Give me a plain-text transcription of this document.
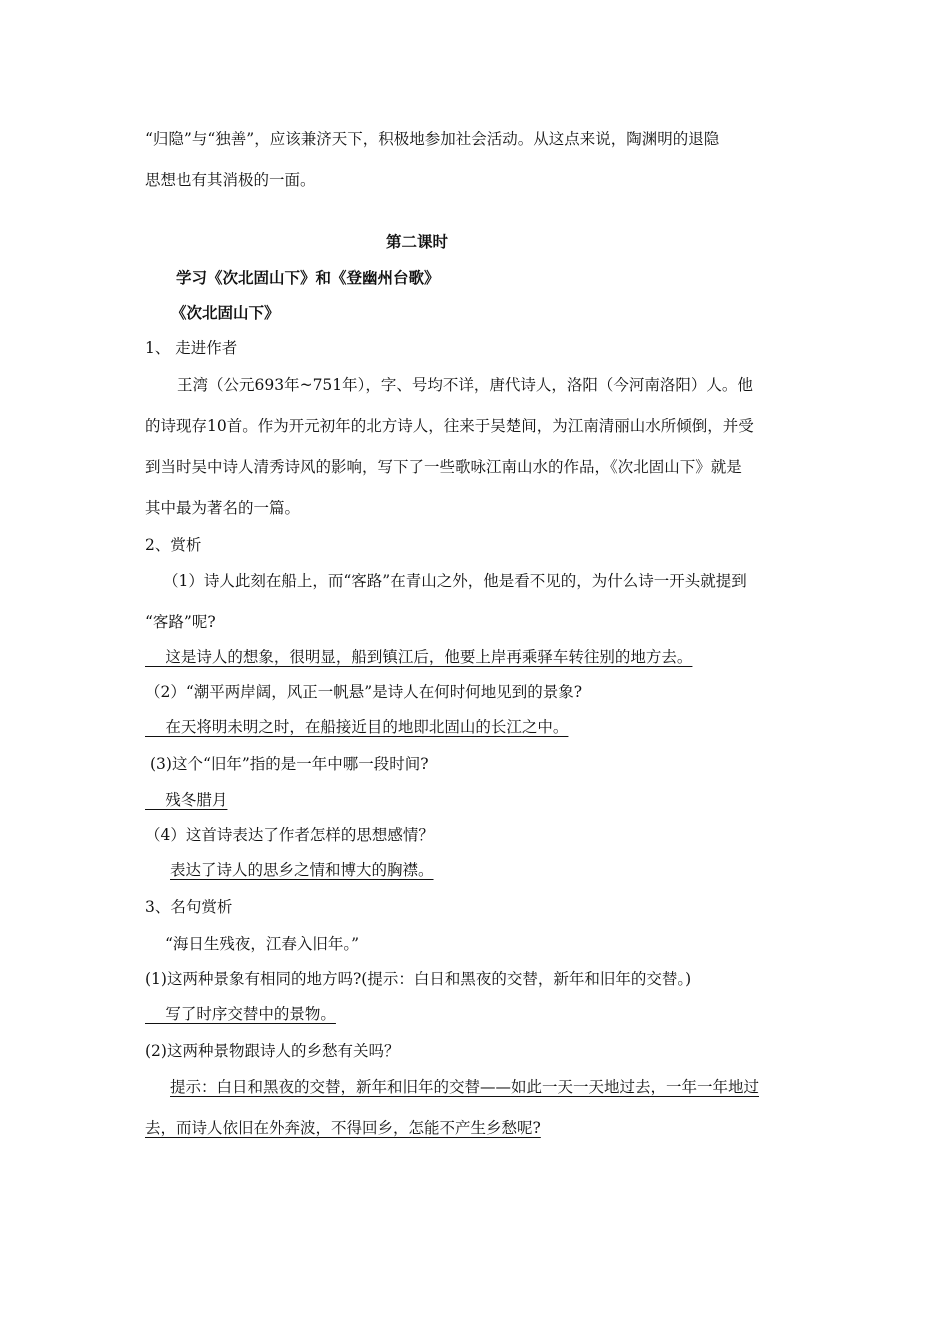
“归隐”与“独善”，应该兼济天下，积极地参加社会活动。从这点来说，陶渊明的退隐
思想也有其消极的一面。
第二课时
学习《次北固山下》和《登幽州台歌》
《次北固山下》
1、 走进作者
王湾（公元693年~751年），字、号均不详，唐代诗人，洛阳（今河南洛阳）人。他
的诗现存10首。作为开元初年的北方诗人，往来于吴楚间，为江南清丽山水所倾倒，并受
到当时吴中诗人清秀诗风的影响，写下了一些歌咏江南山水的作品，《次北固山下》就是
其中最为著名的一篇。
2、赏析
（1）诗人此刻在船上，而“客路”在青山之外，他是看不见的，为什么诗一开头就提到
“客路”呢?
　 这是诗人的想象，很明显，船到镇江后，他要上岸再乘驿车转往别的地方去。
（2）“潮平两岸阔，风正一帆悬”是诗人在何时何地见到的景象?
　 在天将明未明之时，在船接近目的地即北固山的长江之中。
(3)这个“旧年”指的是一年中哪一段时间?
　 残冬腊月
（4）这首诗表达了作者怎样的思想感情？
表达了诗人的思乡之情和博大的胸襟。
3、名句赏析
“海日生残夜，江春入旧年。”
(1)这两种景象有相同的地方吗?(提示：白日和黑夜的交替，新年和旧年的交替。)
　 写了时序交替中的景物。
(2)这两种景物跟诗人的乡愁有关吗？
提示：白日和黑夜的交替，新年和旧年的交替——如此一天一天地过去，一年一年地过
去，而诗人依旧在外奔波，不得回乡，怎能不产生乡愁呢?
